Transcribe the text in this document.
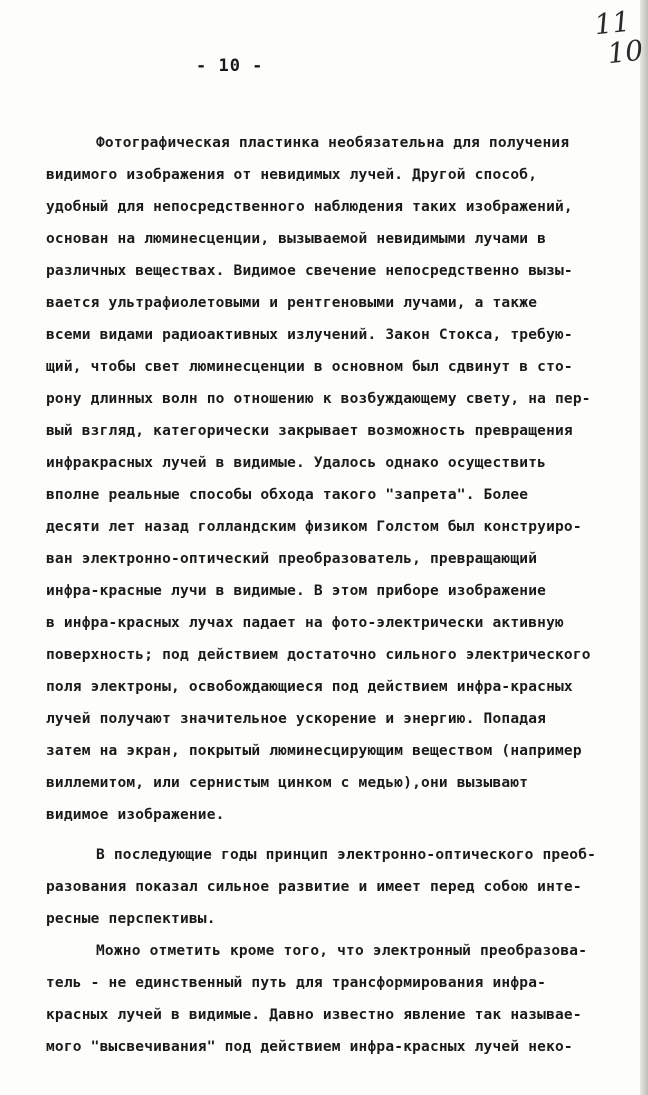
- 10 -
11
10
Фотографическая пластинка необязательна для получения
видимого изображения от невидимых лучей. Другой способ,
удобный для непосредственного наблюдения таких изображений,
основан на люминесценции, вызываемой невидимыми лучами в
различных веществах. Видимое свечение непосредственно вызы-
вается ультрафиолетовыми и рентгеновыми лучами, а также
всеми видами радиоактивных излучений. Закон Стокса, требую-
щий, чтобы свет люминесценции в основном был сдвинут в сто-
рону длинных волн по отношению к возбуждающему свету, на пер-
вый взгляд, категорически закрывает возможность превращения
инфракрасных лучей в видимые. Удалось однако осуществить
вполне реальные способы обхода такого "запрета". Более
десяти лет назад голландским физиком Голстом был конструиро-
ван электронно-оптический преобразователь, превращающий
инфра-красные лучи в видимые. В этом приборе изображение
в инфра-красных лучах падает на фото-электрически активную
поверхность; под действием достаточно сильного электрического
поля электроны, освобождающиеся под действием инфра-красных
лучей получают значительное ускорение и энергию. Попадая
затем на экран, покрытый люминесцирующим веществом (например
виллемитом, или сернистым цинком с медью),они вызывают
видимое изображение.
В последующие годы принцип электронно-оптического преоб-
разования показал сильное развитие и имеет перед собою инте-
ресные перспективы.
Можно отметить кроме того, что электронный преобразова-
тель - не единственный путь для трансформирования инфра-
красных лучей в видимые. Давно известно явление так называе-
мого "высвечивания" под действием инфра-красных лучей неко-
